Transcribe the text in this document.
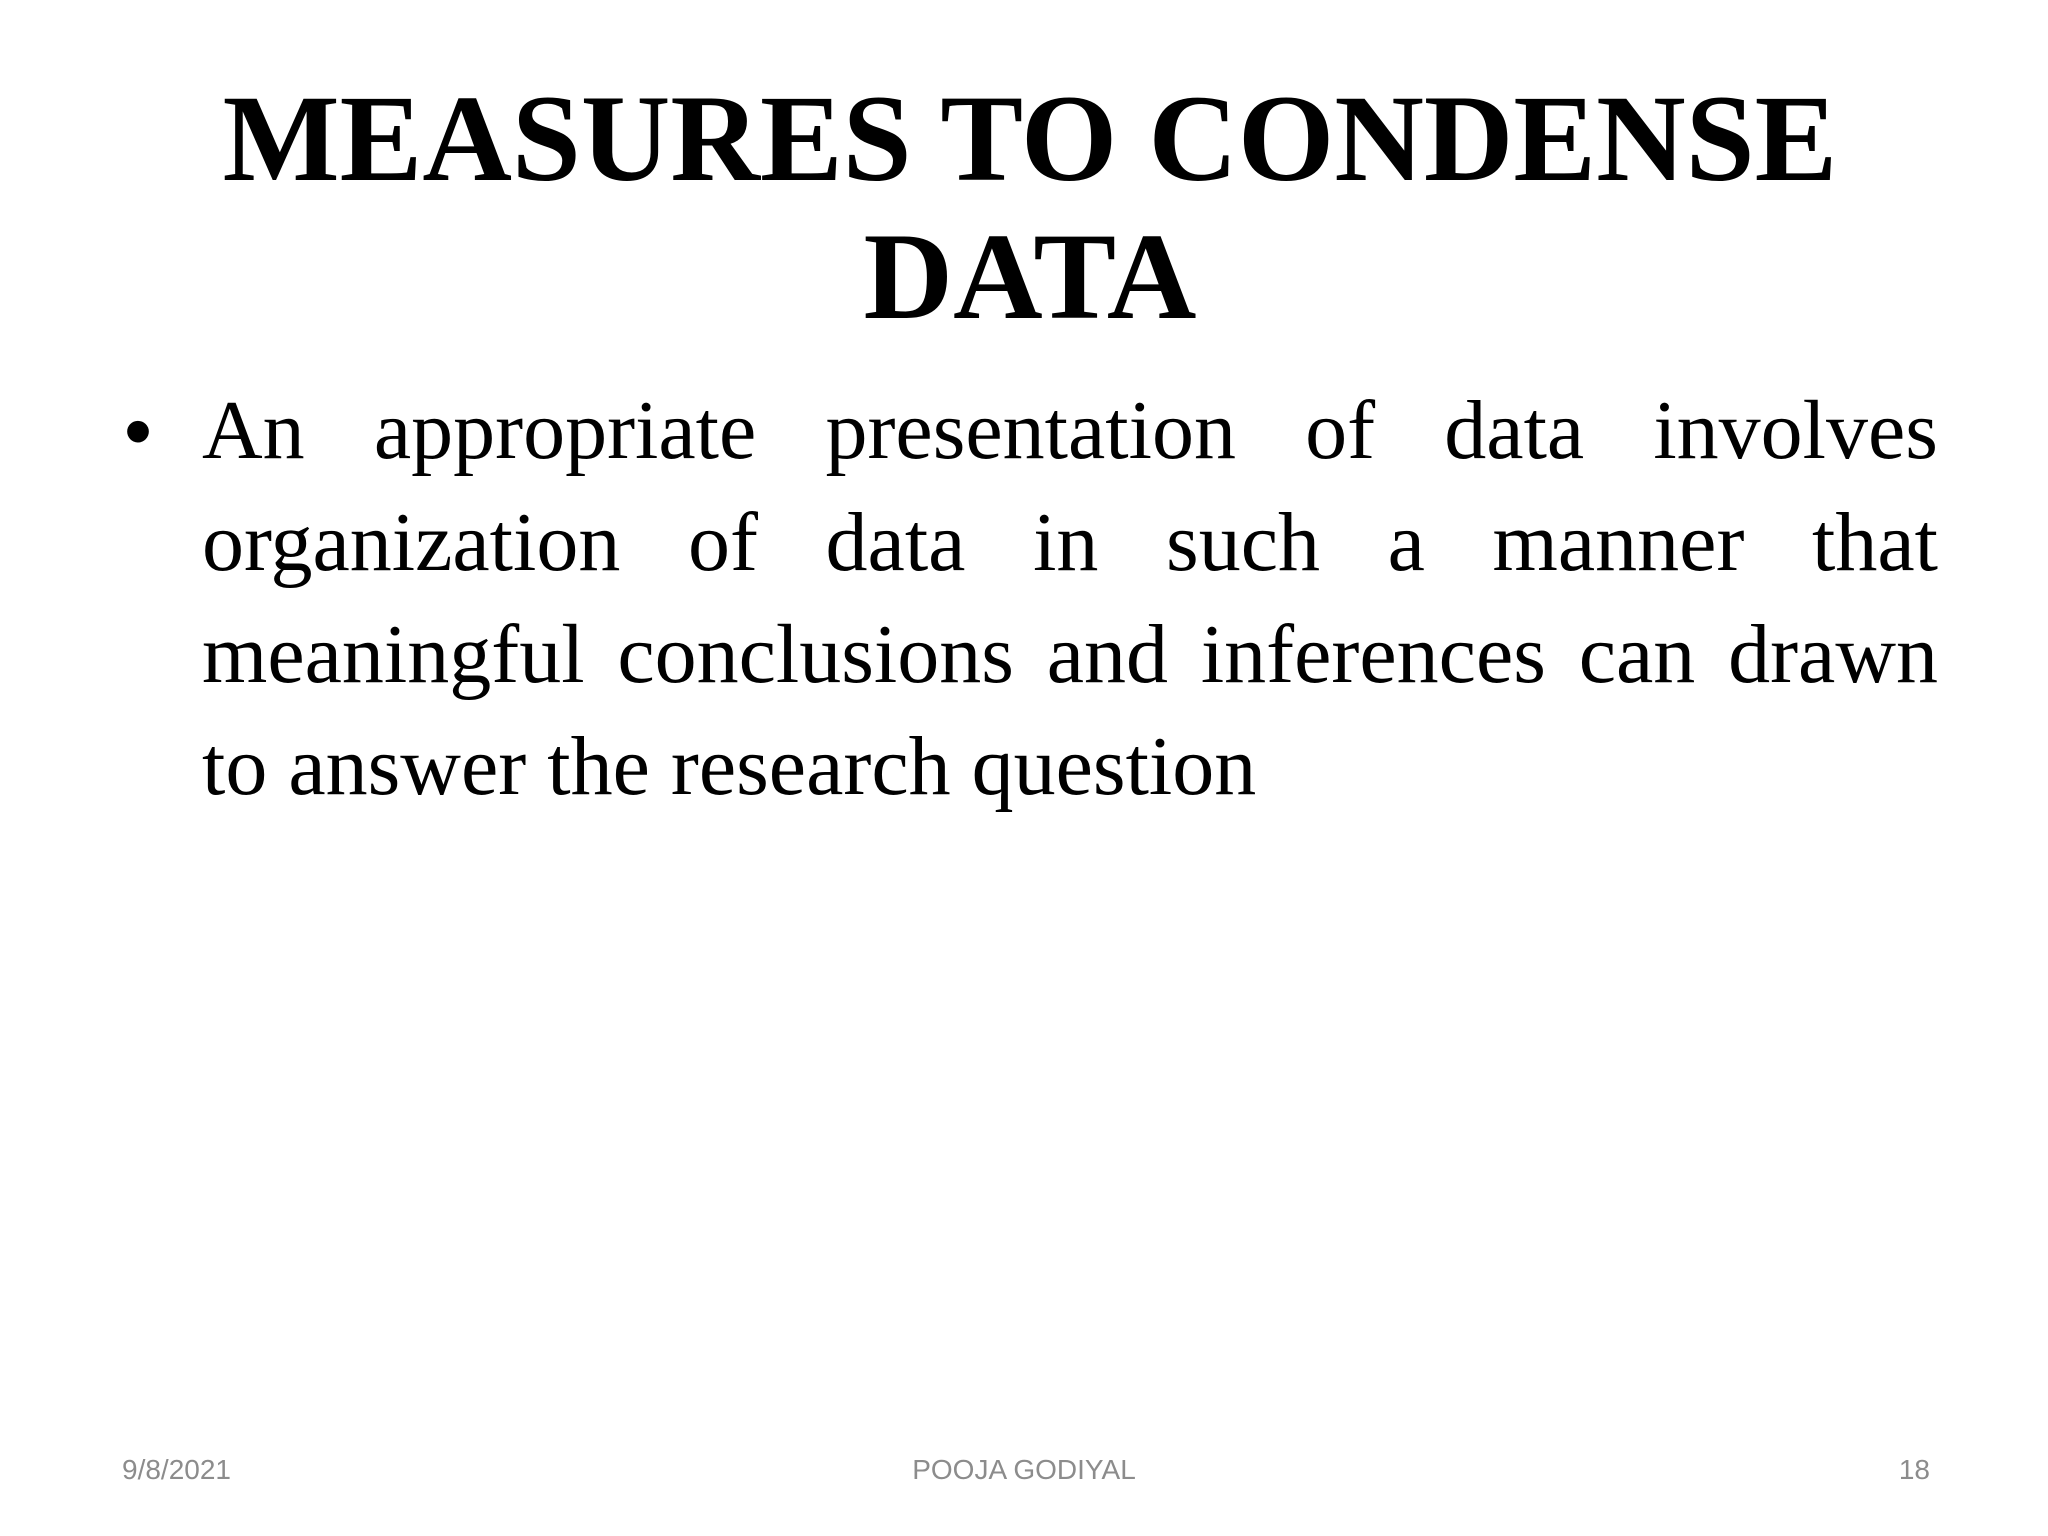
MEASURES TO CONDENSE DATA
• An appropriate presentation of data involves organization of data in such a manner that meaningful conclusions and inferences can drawn to answer the research question
9/8/2021	POOJA GODIYAL	18
